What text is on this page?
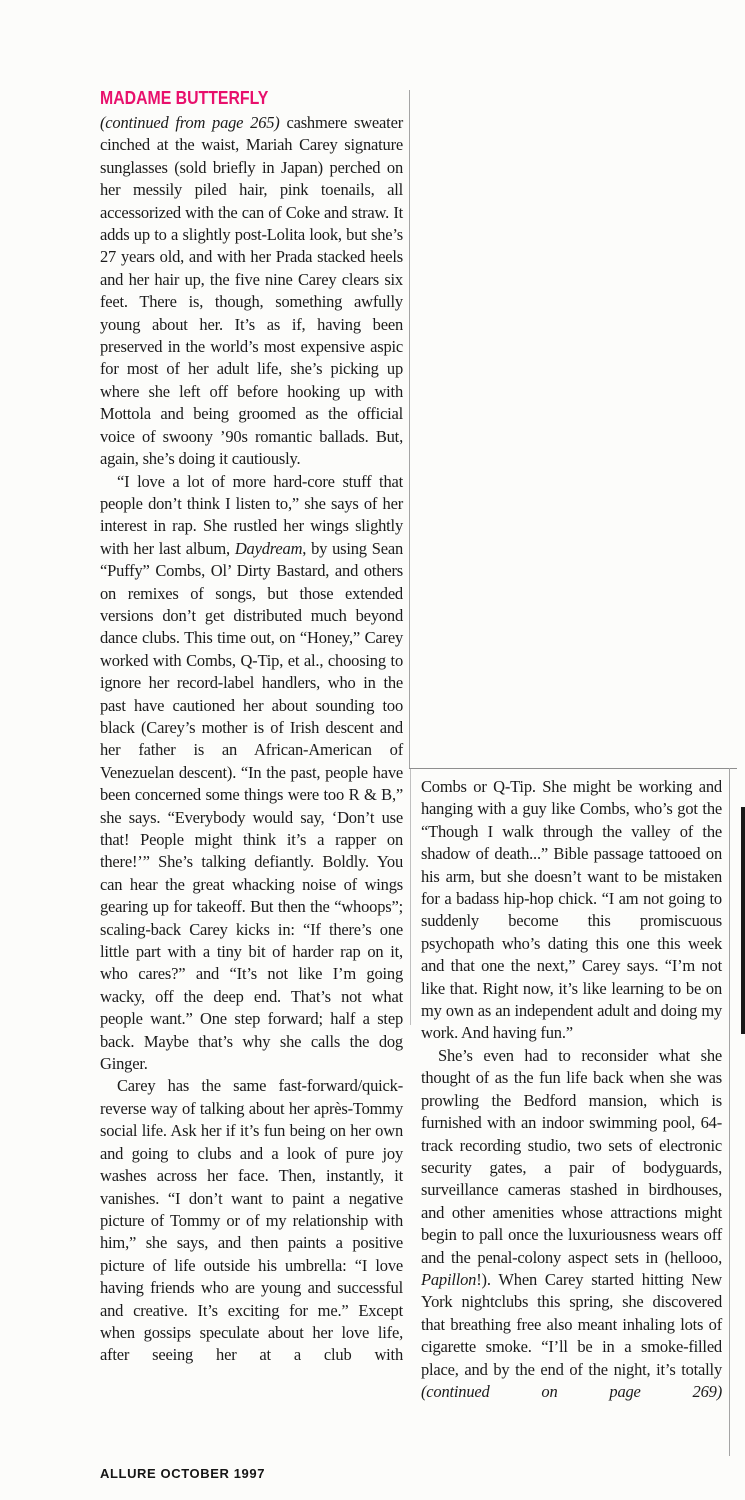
MADAME BUTTERFLY

(continued from page 265) cashmere sweater cinched at the waist, Mariah Carey signature sunglasses (sold briefly in Japan) perched on her messily piled hair, pink toenails, all accessorized with the can of Coke and straw. It adds up to a slightly post-Lolita look, but she’s 27 years old, and with her Prada stacked heels and her hair up, the five nine Carey clears six feet. There is, though, something awfully young about her. It’s as if, having been preserved in the world’s most expensive aspic for most of her adult life, she’s picking up where she left off before hooking up with Mottola and being groomed as the official voice of swoony ’90s romantic ballads. But, again, she’s doing it cautiously.

“I love a lot of more hard-core stuff that people don’t think I listen to,” she says of her interest in rap. She rustled her wings slightly with her last album, Daydream, by using Sean “Puffy” Combs, Ol’ Dirty Bastard, and others on remixes of songs, but those extended versions don’t get distributed much beyond dance clubs. This time out, on “Honey,” Carey worked with Combs, Q-Tip, et al., choosing to ignore her record-label handlers, who in the past have cautioned her about sounding too black (Carey’s mother is of Irish descent and her father is an African-American of Venezuelan descent). “In the past, people have been concerned some things were too R & B,” she says. “Everybody would say, ‘Don’t use that! People might think it’s a rapper on there!’” She’s talking defiantly. Boldly. You can hear the great whacking noise of wings gearing up for takeoff. But then the “whoops”; scaling-back Carey kicks in: “If there’s one little part with a tiny bit of harder rap on it, who cares?” and “It’s not like I’m going wacky, off the deep end. That’s not what people want.” One step forward; half a step back. Maybe that’s why she calls the dog Ginger.

Carey has the same fast-forward/quick-reverse way of talking about her après-Tommy social life. Ask her if it’s fun being on her own and going to clubs and a look of pure joy washes across her face. Then, instantly, it vanishes. “I don’t want to paint a negative picture of Tommy or of my relationship with him,” she says, and then paints a positive picture of life outside his umbrella: “I love having friends who are young and successful and creative. It’s exciting for me.” Except when gossips speculate about her love life, after seeing her at a club with

Combs or Q-Tip. She might be working and hanging with a guy like Combs, who’s got the “Though I walk through the valley of the shadow of death...” Bible passage tattooed on his arm, but she doesn’t want to be mistaken for a badass hip-hop chick. “I am not going to suddenly become this promiscuous psychopath who’s dating this one this week and that one the next,” Carey says. “I’m not like that. Right now, it’s like learning to be on my own as an independent adult and doing my work. And having fun.”

She’s even had to reconsider what she thought of as the fun life back when she was prowling the Bedford mansion, which is furnished with an indoor swimming pool, 64-track recording studio, two sets of electronic security gates, a pair of bodyguards, surveillance cameras stashed in birdhouses, and other amenities whose attractions might begin to pall once the luxuriousness wears off and the penal-colony aspect sets in (hellooo, Papillon!). When Carey started hitting New York nightclubs this spring, she discovered that breathing free also meant inhaling lots of cigarette smoke. “I’ll be in a smoke-filled place, and by the end of the night, it’s totally (continued on page 269)

ALLURE OCTOBER 1997
